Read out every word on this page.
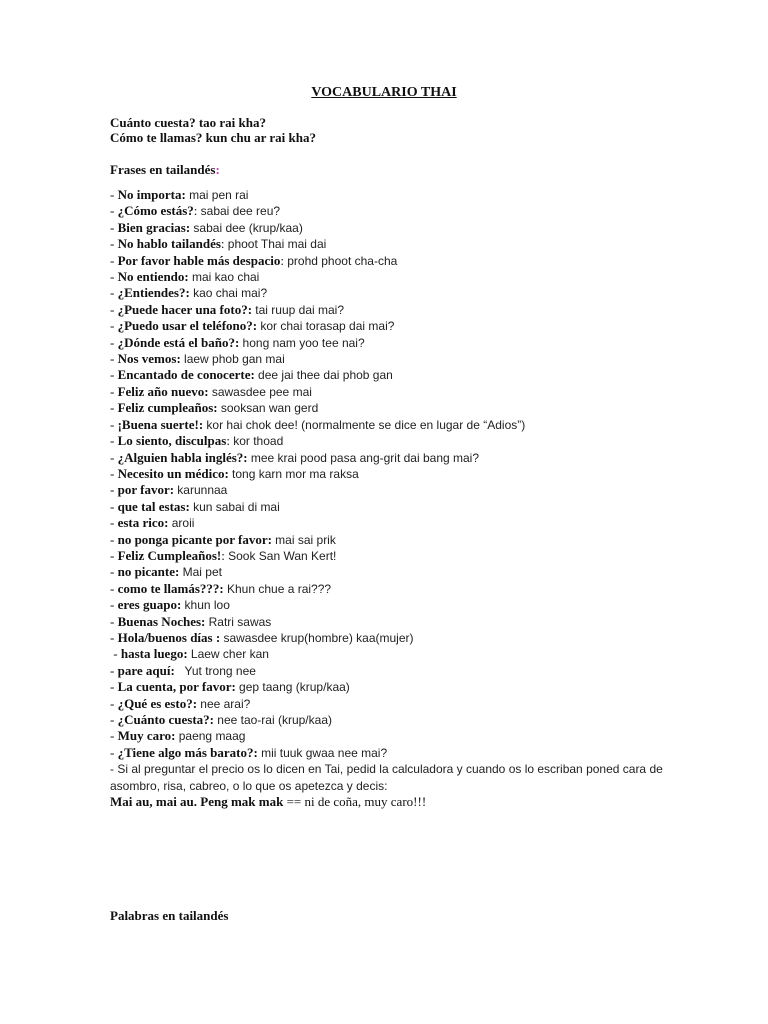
VOCABULARIO THAI
Cuánto cuesta? tao rai kha?
Cómo te llamas? kun chu ar rai kha?
Frases en tailandés:
- No importa: mai pen rai
- ¿Cómo estás?: sabai dee reu?
- Bien gracias: sabai dee (krup/kaa)
- No hablo tailandés: phoot Thai mai dai
- Por favor hable más despacio: prohd phoot cha-cha
- No entiendo: mai kao chai
- ¿Entiendes?: kao chai mai?
- ¿Puede hacer una foto?: tai ruup dai mai?
- ¿Puedo usar el teléfono?: kor chai torasap dai mai?
- ¿Dónde está el baño?: hong nam yoo tee nai?
- Nos vemos: laew phob gan mai
- Encantado de conocerte: dee jai thee dai phob gan
- Feliz año nuevo: sawasdee pee mai
- Feliz cumpleaños: sooksan wan gerd
- ¡Buena suerte!: kor hai chok dee! (normalmente se dice en lugar de “Adios”)
- Lo siento, disculpas: kor thoad
- ¿Alguien habla inglés?: mee krai pood pasa ang-grit dai bang mai?
- Necesito un médico: tong karn mor ma raksa
- por favor: karunnaa
- que tal estas: kun sabai di mai
- esta rico: aroii
- no ponga picante por favor: mai sai prik
- Feliz Cumpleaños!: Sook San Wan Kert!
- no picante: Mai pet
- como te llamás???: Khun chue a rai???
- eres guapo: khun loo
- Buenas Noches: Ratri sawas
- Hola/buenos días : sawasdee krup(hombre) kaa(mujer)
- hasta luego: Laew cher kan
- pare aquí: Yut trong nee
- La cuenta, por favor: gep taang (krup/kaa)
- ¿Qué es esto?: nee arai?
- ¿Cuánto cuesta?: nee tao-rai (krup/kaa)
- Muy caro: paeng maag
- ¿Tiene algo más barato?: mii tuuk gwaa nee mai?
- Si al preguntar el precio os lo dicen en Tai, pedid la calculadora y cuando os lo escriban poned cara de asombro, risa, cabreo, o lo que os apetezca y decis:
Mai au, mai au. Peng mak mak == ni de coña, muy caro!!!
Palabras en tailandés
